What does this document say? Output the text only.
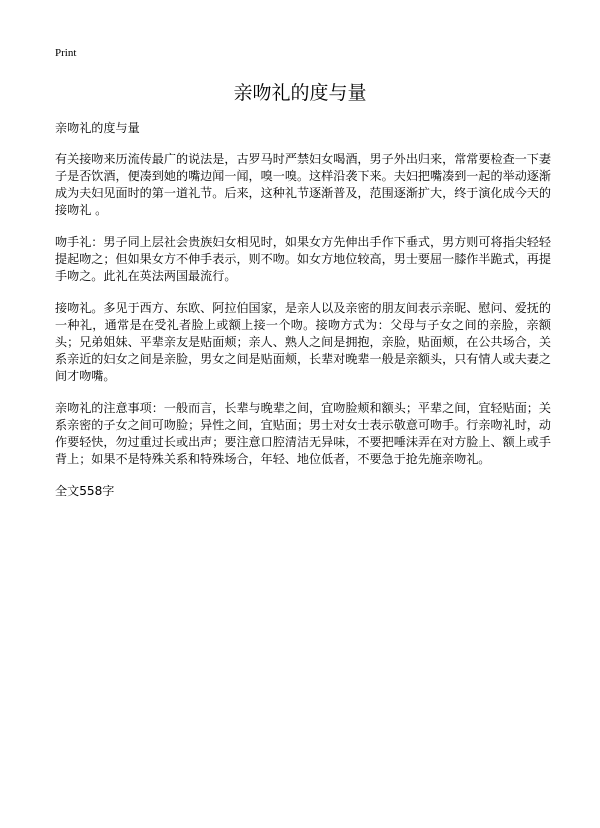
Print
亲吻礼的度与量

亲吻礼的度与量

有关接吻来历流传最广的说法是，古罗马时严禁妇女喝酒，男子外出归来，常常要检查一下妻子是否饮酒，便凑到她的嘴边闻一闻，嗅一嗅。这样沿袭下来。夫妇把嘴凑到一起的举动逐渐成为夫妇见面时的第一道礼节。后来，这种礼节逐渐普及，范围逐渐扩大，终于演化成今天的接吻礼 。

吻手礼：男子同上层社会贵族妇女相见时，如果女方先伸出手作下垂式，男方则可将指尖轻轻提起吻之；但如果女方不伸手表示，则不吻。如女方地位较高，男士要屈一膝作半跪式，再提手吻之。此礼在英法两国最流行。

接吻礼。多见于西方、东欧、阿拉伯国家，是亲人以及亲密的朋友间表示亲昵、慰问、爱抚的一种礼，通常是在受礼者脸上或额上接一个吻。接吻方式为：父母与子女之间的亲脸，亲额头；兄弟姐妹、平辈亲友是贴面颊；亲人、熟人之间是拥抱，亲脸，贴面颊，在公共场合，关系亲近的妇女之间是亲脸，男女之间是贴面颊，长辈对晚辈一般是亲额头，只有情人或夫妻之间才吻嘴。

亲吻礼的注意事项：一般而言，长辈与晚辈之间，宜吻脸颊和额头；平辈之间，宜轻贴面；关系亲密的子女之间可吻脸；异性之间，宜贴面；男士对女士表示敬意可吻手。行亲吻礼时，动作要轻快，勿过重过长或出声；要注意口腔清洁无异味，不要把唾沫弄在对方脸上、额上或手背上；如果不是特殊关系和特殊场合，年轻、地位低者，不要急于抢先施亲吻礼。

全文558字
